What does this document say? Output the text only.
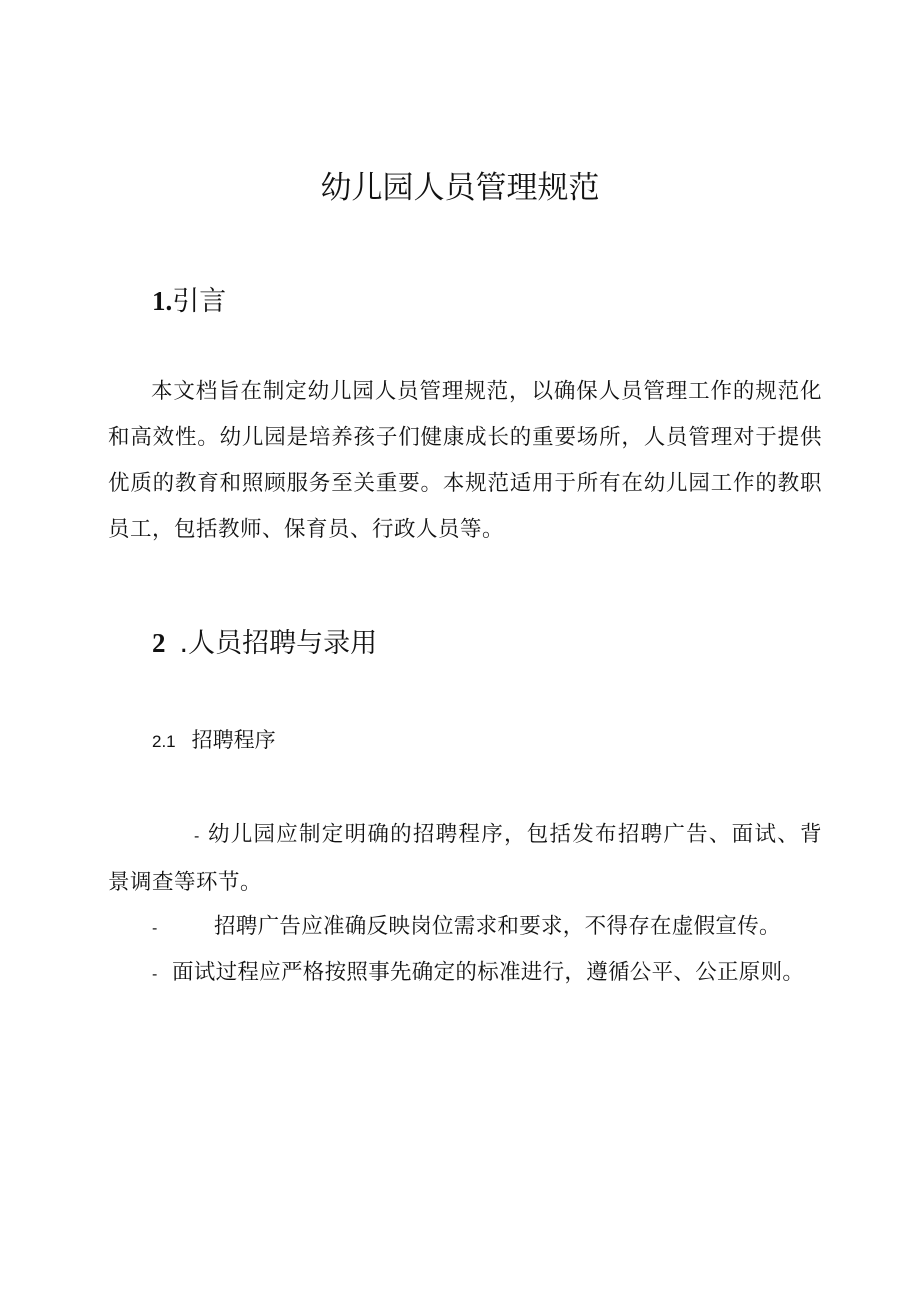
幼儿园人员管理规范
1.引言

本文档旨在制定幼儿园人员管理规范，以确保人员管理工作的规范化和高效性。幼儿园是培养孩子们健康成长的重要场所，人员管理对于提供优质的教育和照顾服务至关重要。本规范适用于所有在幼儿园工作的教职员工，包括教师、保育员、行政人员等。

2 .人员招聘与录用
2.1 招聘程序

- 幼儿园应制定明确的招聘程序，包括发布招聘广告、面试、背景调查等环节。

-	招聘广告应准确反映岗位需求和要求，不得存在虚假宣传。

- 面试过程应严格按照事先确定的标准进行，遵循公平、公正原则。
